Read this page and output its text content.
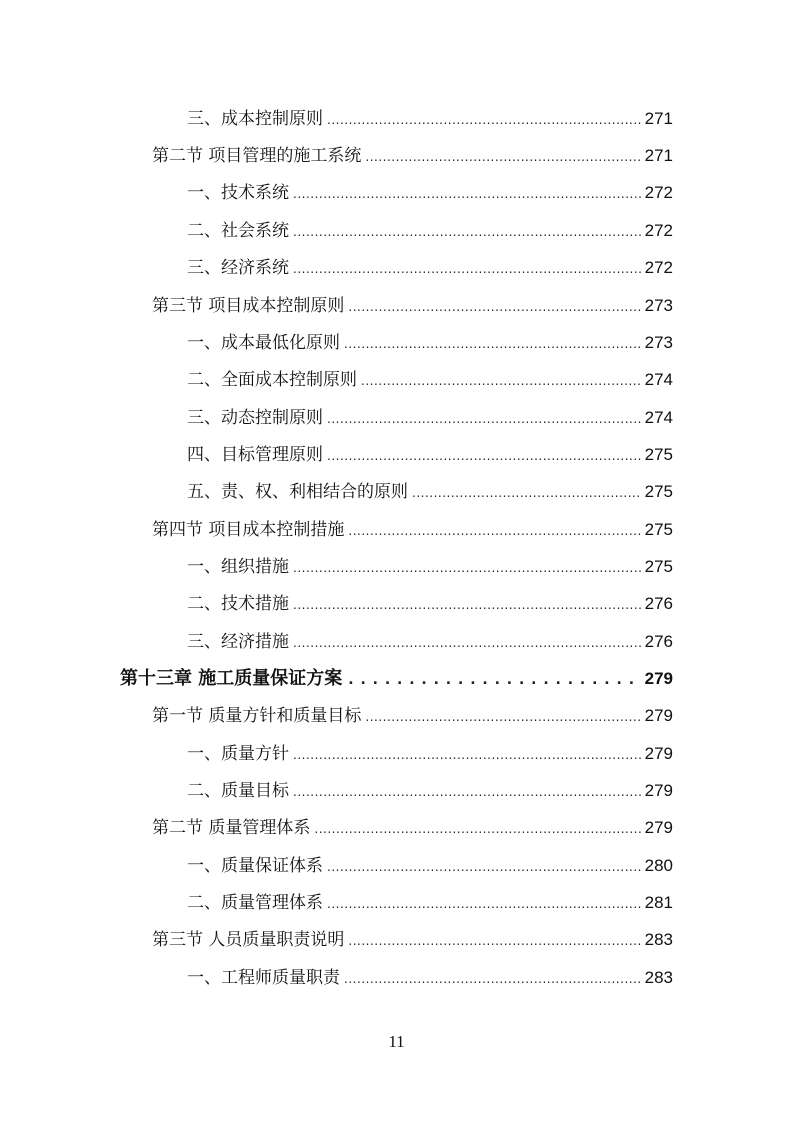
三、成本控制原则 .....	271
第二节 项目管理的施工系统 .....	271
一、技术系统 .....	272
二、社会系统 .....	272
三、经济系统 .....	272
第三节 项目成本控制原则 .....	273
一、成本最低化原则 .....	273
二、全面成本控制原则 .....	274
三、动态控制原则 .....	274
四、目标管理原则 .....	275
五、责、权、利相结合的原则 .....	275
第四节 项目成本控制措施 .....	275
一、组织措施 .....	275
二、技术措施 .....	276
三、经济措施 .....	276
第十三章 施工质量保证方案 . . .	279
第一节 质量方针和质量目标 .....	279
一、质量方针 .....	279
二、质量目标 .....	279
第二节 质量管理体系 .....	279
一、质量保证体系 .....	280
二、质量管理体系 .....	281
第三节 人员质量职责说明 .....	283
一、工程师质量职责 .....	283
11
